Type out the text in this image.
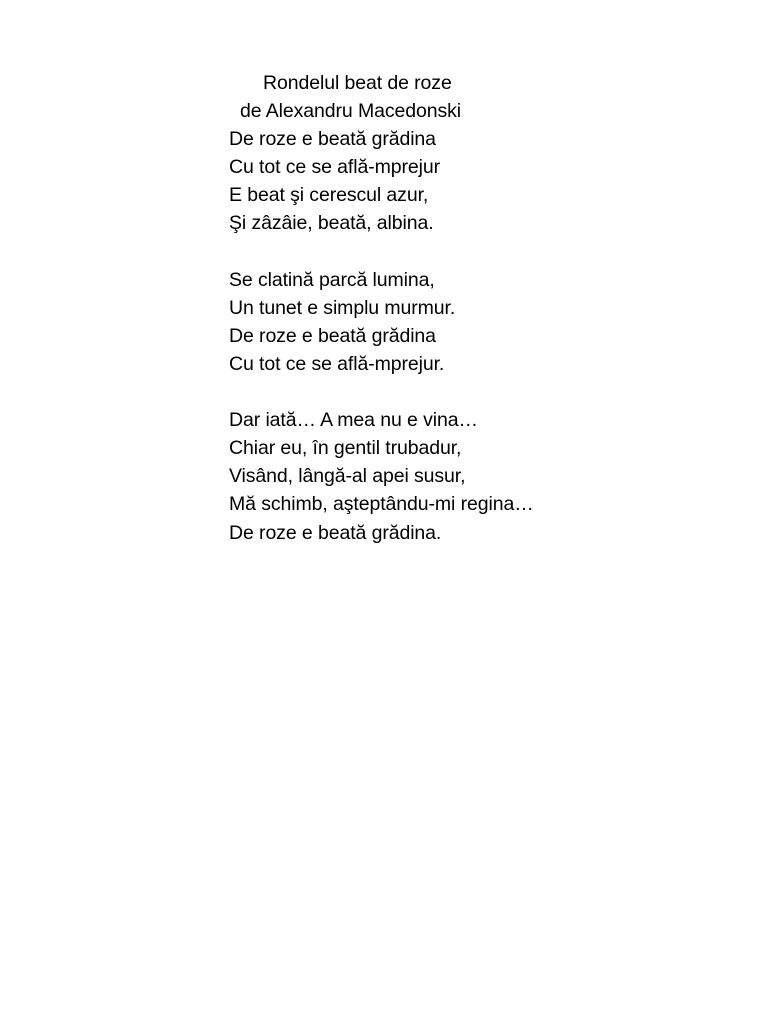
Rondelul beat de roze
de Alexandru Macedonski
De roze e beată grădina
Cu tot ce se află-mprejur
E beat şi cerescul azur,
Şi zâzâie, beată, albina.
Se clatină parcă lumina,
Un tunet e simplu murmur.
De roze e beată grădina
Cu tot ce se află-mprejur.
Dar iată… A mea nu e vina…
Chiar eu, în gentil trubadur,
Visând, lângă-al apei susur,
Mă schimb, aşteptându-mi regina…
De roze e beată grădina.
